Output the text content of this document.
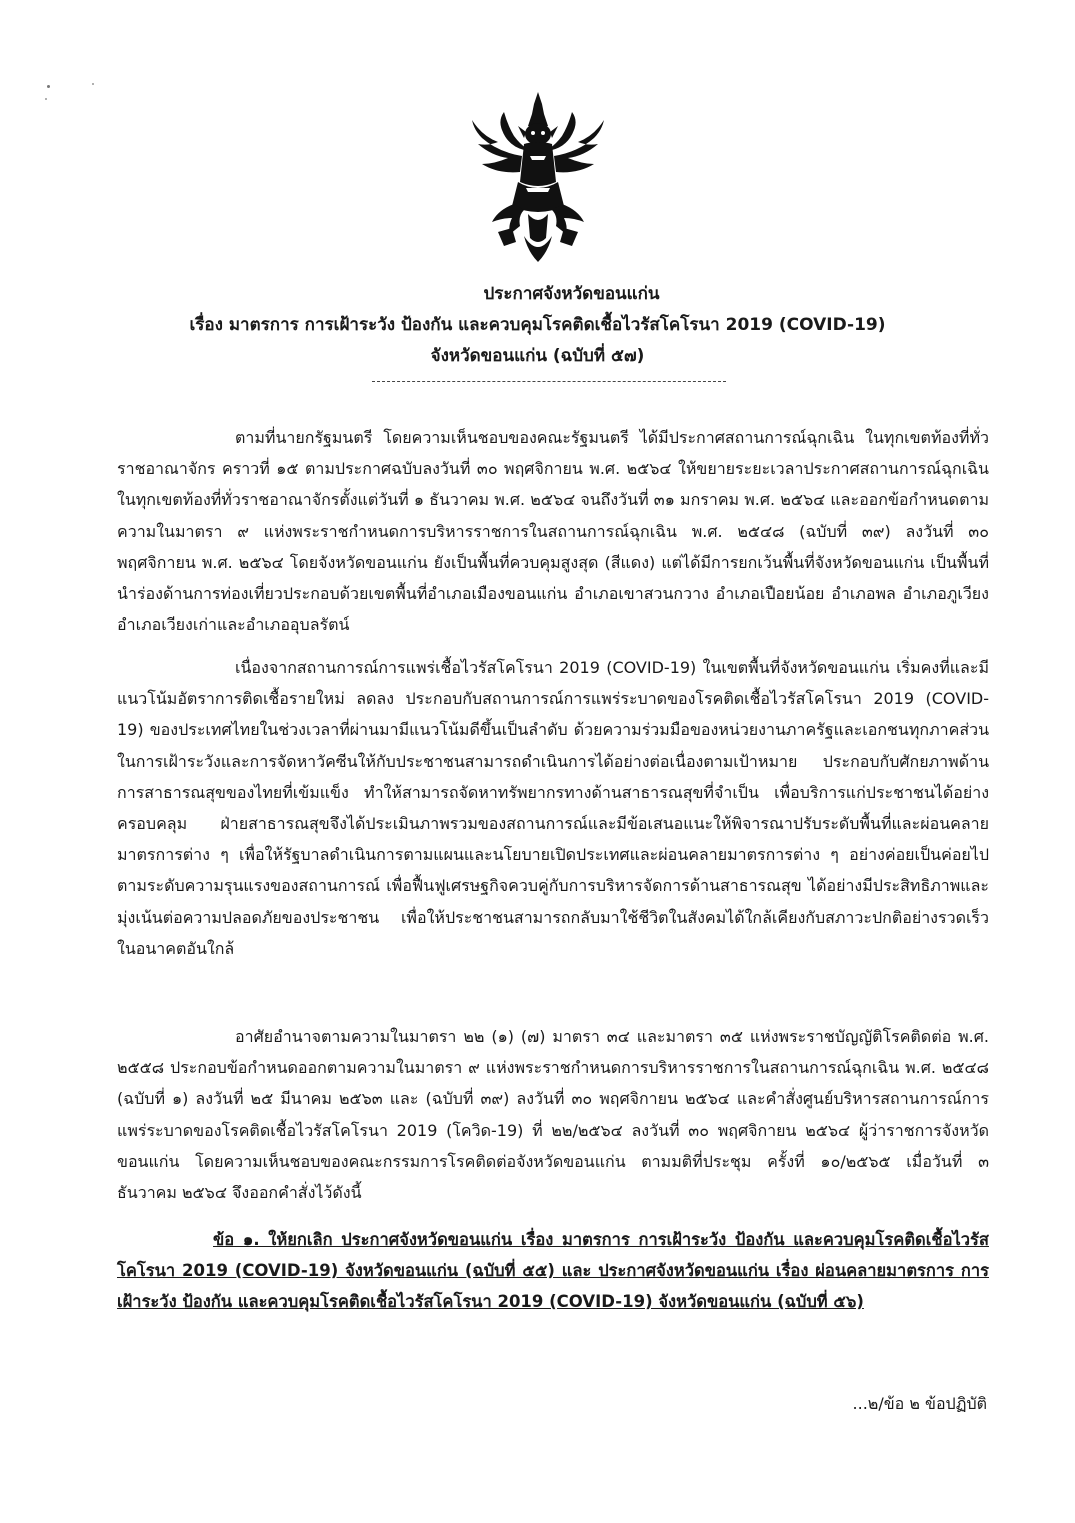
ประกาศจังหวัดขอนแก่น
เรื่อง มาตรการ การเฝ้าระวัง ป้องกัน และควบคุมโรคติดเชื้อไวรัสโคโรนา 2019 (COVID-19)
จังหวัดขอนแก่น (ฉบับที่ ๕๗)

ตามที่นายกรัฐมนตรี โดยความเห็นชอบของคณะรัฐมนตรี ได้มีประกาศสถานการณ์ฉุกเฉิน ในทุกเขตท้องที่ทั่วราชอาณาจักร คราวที่ ๑๕ ตามประกาศฉบับลงวันที่ ๓๐ พฤศจิกายน พ.ศ. ๒๕๖๔ ให้ขยายระยะเวลาประกาศสถานการณ์ฉุกเฉินในทุกเขตท้องที่ทั่วราชอาณาจักรตั้งแต่วันที่ ๑ ธันวาคม พ.ศ. ๒๕๖๔ จนถึงวันที่ ๓๑ มกราคม พ.ศ. ๒๕๖๔ และออกข้อกำหนดตามความในมาตรา ๙ แห่งพระราชกำหนดการบริหารราชการในสถานการณ์ฉุกเฉิน พ.ศ. ๒๕๔๘ (ฉบับที่ ๓๙) ลงวันที่ ๓๐ พฤศจิกายน พ.ศ. ๒๕๖๔ โดยจังหวัดขอนแก่น ยังเป็นพื้นที่ควบคุมสูงสุด (สีแดง) แต่ได้มีการยกเว้นพื้นที่จังหวัดขอนแก่น เป็นพื้นที่นำร่องด้านการท่องเที่ยวประกอบด้วยเขตพื้นที่อำเภอเมืองขอนแก่น อำเภอเขาสวนกวาง อำเภอเปือยน้อย อำเภอพล อำเภอภูเวียง อำเภอเวียงเก่าและอำเภออุบลรัตน์

เนื่องจากสถานการณ์การแพร่เชื้อไวรัสโคโรนา 2019 (COVID-19) ในเขตพื้นที่จังหวัดขอนแก่น เริ่มคงที่และมีแนวโน้มอัตราการติดเชื้อรายใหม่ ลดลง ประกอบกับสถานการณ์การแพร่ระบาดของโรคติดเชื้อไวรัสโคโรนา 2019 (COVID-19) ของประเทศไทยในช่วงเวลาที่ผ่านมามีแนวโน้มดีขึ้นเป็นลำดับ ด้วยความร่วมมือของหน่วยงานภาครัฐและเอกชนทุกภาคส่วน ในการเฝ้าระวังและการจัดหาวัคซีนให้กับประชาชนสามารถดำเนินการได้อย่างต่อเนื่องตามเป้าหมาย ประกอบกับศักยภาพด้านการสาธารณสุขของไทยที่เข้มแข็ง ทำให้สามารถจัดหาทรัพยากรทางด้านสาธารณสุขที่จำเป็น เพื่อบริการแก่ประชาชนได้อย่างครอบคลุม ฝ่ายสาธารณสุขจึงได้ประเมินภาพรวมของสถานการณ์และมีข้อเสนอแนะให้พิจารณาปรับระดับพื้นที่และผ่อนคลายมาตรการต่าง ๆ เพื่อให้รัฐบาลดำเนินการตามแผนและนโยบายเปิดประเทศและผ่อนคลายมาตรการต่าง ๆ อย่างค่อยเป็นค่อยไปตามระดับความรุนแรงของสถานการณ์ เพื่อฟื้นฟูเศรษฐกิจควบคู่กับการบริหารจัดการด้านสาธารณสุข ได้อย่างมีประสิทธิภาพและมุ่งเน้นต่อความปลอดภัยของประชาชน เพื่อให้ประชาชนสามารถกลับมาใช้ชีวิตในสังคมได้ใกล้เคียงกับสภาวะปกติอย่างรวดเร็วในอนาคตอันใกล้

อาศัยอำนาจตามความในมาตรา ๒๒ (๑) (๗) มาตรา ๓๔ และมาตรา ๓๕ แห่งพระราชบัญญัติโรคติดต่อ พ.ศ. ๒๕๕๘ ประกอบข้อกำหนดออกตามความในมาตรา ๙ แห่งพระราชกำหนดการบริหารราชการในสถานการณ์ฉุกเฉิน พ.ศ. ๒๕๔๘ (ฉบับที่ ๑) ลงวันที่ ๒๕ มีนาคม ๒๕๖๓ และ (ฉบับที่ ๓๙) ลงวันที่ ๓๐ พฤศจิกายน ๒๕๖๔ และคำสั่งศูนย์บริหารสถานการณ์การแพร่ระบาดของโรคติดเชื้อไวรัสโคโรนา 2019 (โควิด-19) ที่ ๒๒/๒๕๖๔ ลงวันที่ ๓๐ พฤศจิกายน ๒๕๖๔ ผู้ว่าราชการจังหวัดขอนแก่น โดยความเห็นชอบของคณะกรรมการโรคติดต่อจังหวัดขอนแก่น ตามมติที่ประชุม ครั้งที่ ๑๐/๒๕๖๕ เมื่อวันที่ ๓ ธันวาคม ๒๕๖๔ จึงออกคำสั่งไว้ดังนี้

ข้อ ๑. ให้ยกเลิก ประกาศจังหวัดขอนแก่น เรื่อง มาตรการ การเฝ้าระวัง ป้องกัน และควบคุมโรคติดเชื้อไวรัสโคโรนา 2019 (COVID-19) จังหวัดขอนแก่น (ฉบับที่ ๕๕) และ ประกาศจังหวัดขอนแก่น เรื่อง ผ่อนคลายมาตรการ การเฝ้าระวัง ป้องกัน และควบคุมโรคติดเชื้อไวรัสโคโรนา 2019 (COVID-19) จังหวัดขอนแก่น (ฉบับที่ ๕๖)

...๒/ข้อ ๒ ข้อปฏิบัติ
